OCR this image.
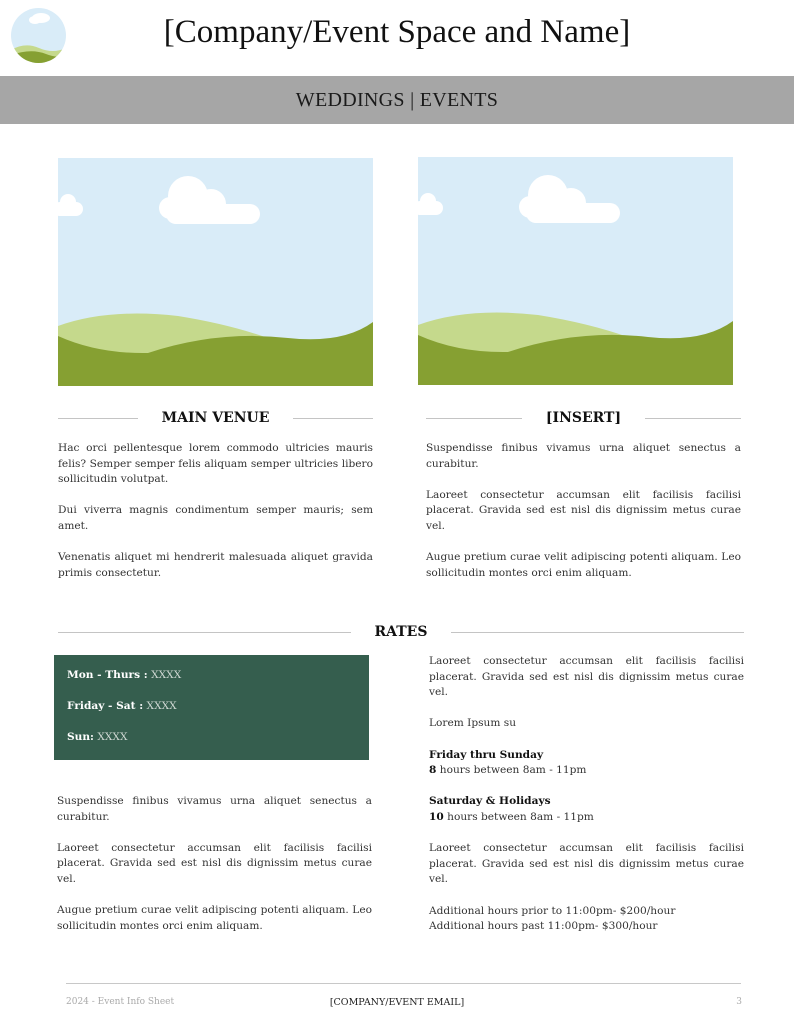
[Company/Event Space and Name]
WEDDINGS | EVENTS
MAIN VENUE	[INSERT]

Hac orci pellentesque lorem commodo ultricies mauris felis? Semper semper felis aliquam semper ultricies libero sollicitudin volutpat.

Dui viverra magnis condimentum semper mauris; sem amet.

Venenatis aliquet mi hendrerit malesuada aliquet gravida primis consectetur.

Suspendisse finibus vivamus urna aliquet senectus a curabitur.

Laoreet consectetur accumsan elit facilisis facilisi placerat. Gravida sed est nisl dis dignissim metus curae vel.

Augue pretium curae velit adipiscing potenti aliquam. Leo sollicitudin montes orci enim aliquam.

RATES
Mon - Thurs : XXXX
Friday - Sat : XXXX
Sun: XXXX

Suspendisse finibus vivamus urna aliquet senectus a curabitur.

Laoreet consectetur accumsan elit facilisis facilisi placerat. Gravida sed est nisl dis dignissim metus curae vel.

Augue pretium curae velit adipiscing potenti aliquam. Leo sollicitudin montes orci enim aliquam.

Laoreet consectetur accumsan elit facilisis facilisi placerat. Gravida sed est nisl dis dignissim metus curae vel.

Lorem Ipsum su

Friday thru Sunday
8 hours between 8am - 11pm

Saturday & Holidays
10 hours between 8am - 11pm

Laoreet consectetur accumsan elit facilisis facilisi placerat. Gravida sed est nisl dis dignissim metus curae vel.

Additional hours prior to 11:00pm- $200/hour
Additional hours past 11:00pm- $300/hour

2024 - Event Info Sheet	[COMPANY/EVENT EMAIL]	3
